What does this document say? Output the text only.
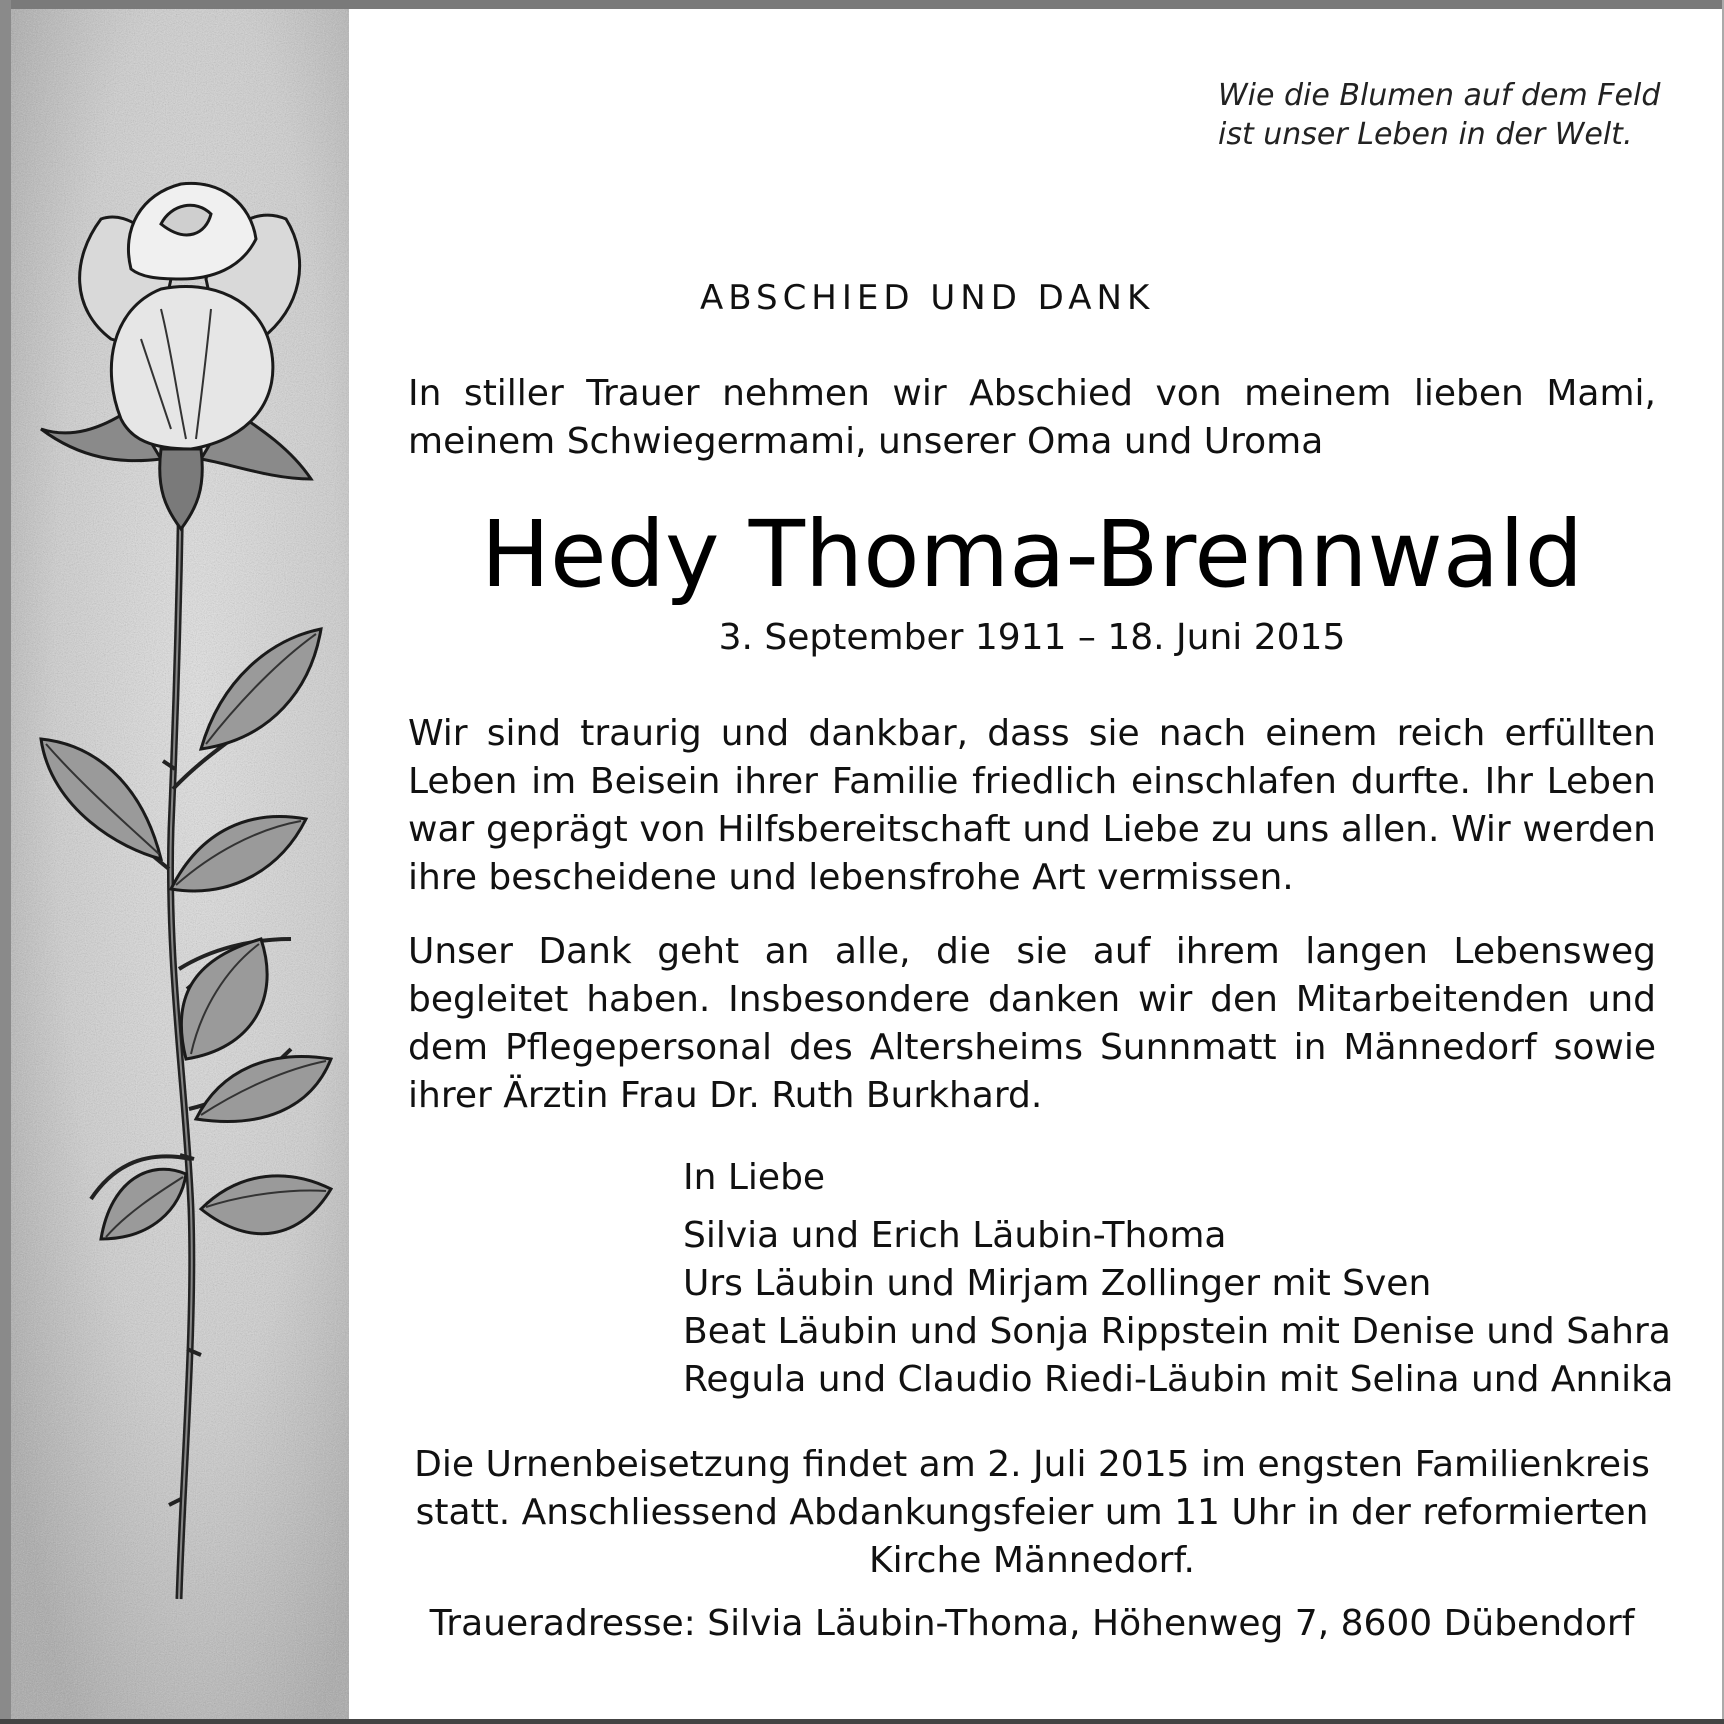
Wie die Blumen auf dem Feld
ist unser Leben in der Welt.
ABSCHIED UND DANK
In stiller Trauer nehmen wir Abschied von meinem lieben Mami, meinem Schwiegermami, unserer Oma und Uroma
Hedy Thoma-Brennwald
3. September 1911 – 18. Juni 2015
Wir sind traurig und dankbar, dass sie nach einem reich erfüllten Leben im Beisein ihrer Familie friedlich einschlafen durfte. Ihr Leben war geprägt von Hilfsbereitschaft und Liebe zu uns allen. Wir werden ihre bescheidene und lebensfrohe Art vermissen.
Unser Dank geht an alle, die sie auf ihrem langen Lebensweg begleitet haben. Insbesondere danken wir den Mitarbeitenden und dem Pflegepersonal des Altersheims Sunnmatt in Männedorf sowie ihrer Ärztin Frau Dr. Ruth Burkhard.
In Liebe
Silvia und Erich Läubin-Thoma
Urs Läubin und Mirjam Zollinger mit Sven
Beat Läubin und Sonja Rippstein mit Denise und Sahra
Regula und Claudio Riedi-Läubin mit Selina und Annika
Die Urnenbeisetzung findet am 2. Juli 2015 im engsten Familienkreis statt. Anschliessend Abdankungsfeier um 11 Uhr in der reformierten Kirche Männedorf.
Traueradresse: Silvia Läubin-Thoma, Höhenweg 7, 8600 Dübendorf
